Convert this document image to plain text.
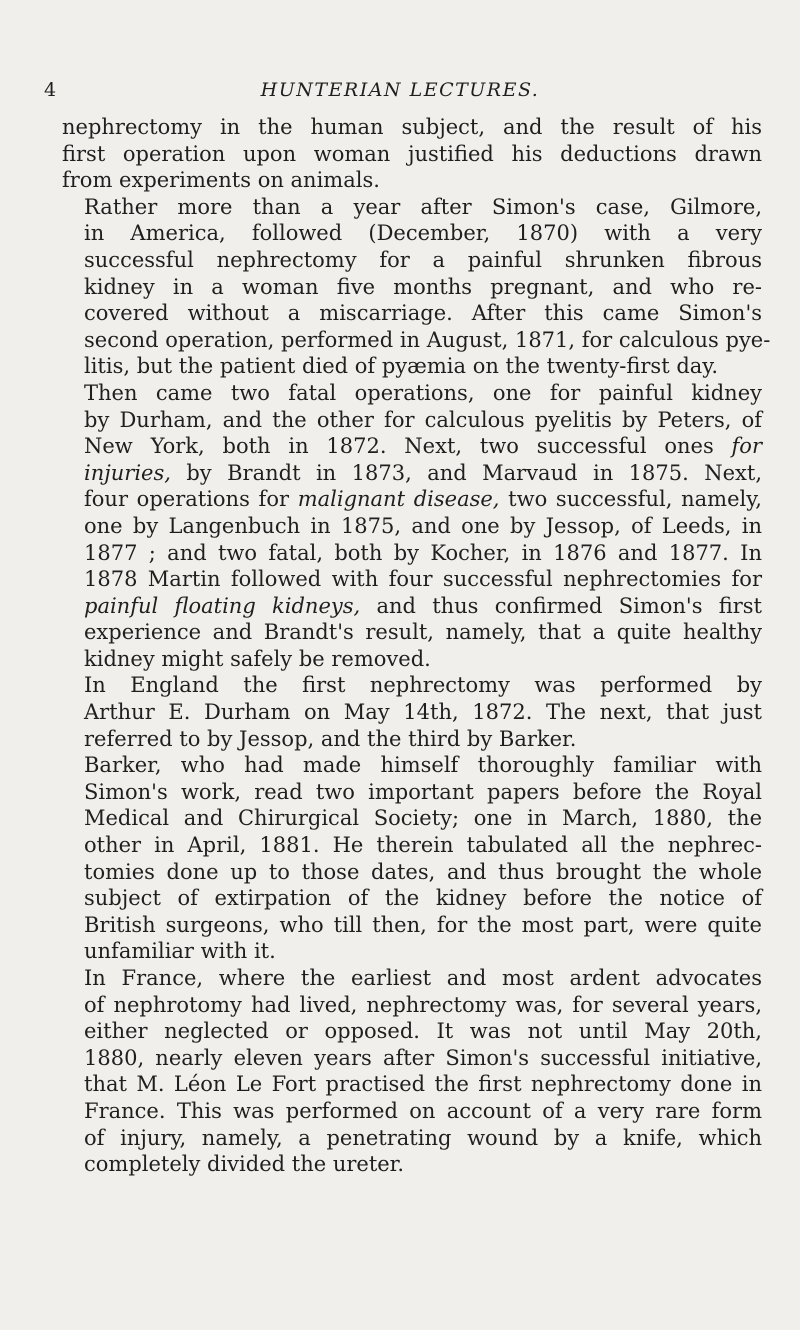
4	HUNTERIAN LECTURES.

nephrectomy in the human subject, and the result of his
first operation upon woman justified his deductions drawn
from experiments on animals.

Rather more than a year after Simon's case, Gilmore,
in America, followed (December, 1870) with a very
successful nephrectomy for a painful shrunken fibrous
kidney in a woman five months pregnant, and who re-
covered without a miscarriage. After this came Simon's
second operation, performed in August, 1871, for calculous pye-
litis, but the patient died of pyæmia on the twenty-first day.

Then came two fatal operations, one for painful kidney
by Durham, and the other for calculous pyelitis by Peters, of
New York, both in 1872. Next, two successful ones for
injuries, by Brandt in 1873, and Marvaud in 1875. Next,
four operations for malignant disease, two successful, namely,
one by Langenbuch in 1875, and one by Jessop, of Leeds, in
1877 ; and two fatal, both by Kocher, in 1876 and 1877. In
1878 Martin followed with four successful nephrectomies for
painful floating kidneys, and thus confirmed Simon's first
experience and Brandt's result, namely, that a quite healthy
kidney might safely be removed.

In England the first nephrectomy was performed by
Arthur E. Durham on May 14th, 1872. The next, that just
referred to by Jessop, and the third by Barker.

Barker, who had made himself thoroughly familiar with
Simon's work, read two important papers before the Royal
Medical and Chirurgical Society; one in March, 1880, the
other in April, 1881. He therein tabulated all the nephrec-
tomies done up to those dates, and thus brought the whole
subject of extirpation of the kidney before the notice of
British surgeons, who till then, for the most part, were quite
unfamiliar with it.

In France, where the earliest and most ardent advocates
of nephrotomy had lived, nephrectomy was, for several years,
either neglected or opposed. It was not until May 20th,
1880, nearly eleven years after Simon's successful initiative,
that M. Léon Le Fort practised the first nephrectomy done in
France. This was performed on account of a very rare form
of injury, namely, a penetrating wound by a knife, which
completely divided the ureter.
